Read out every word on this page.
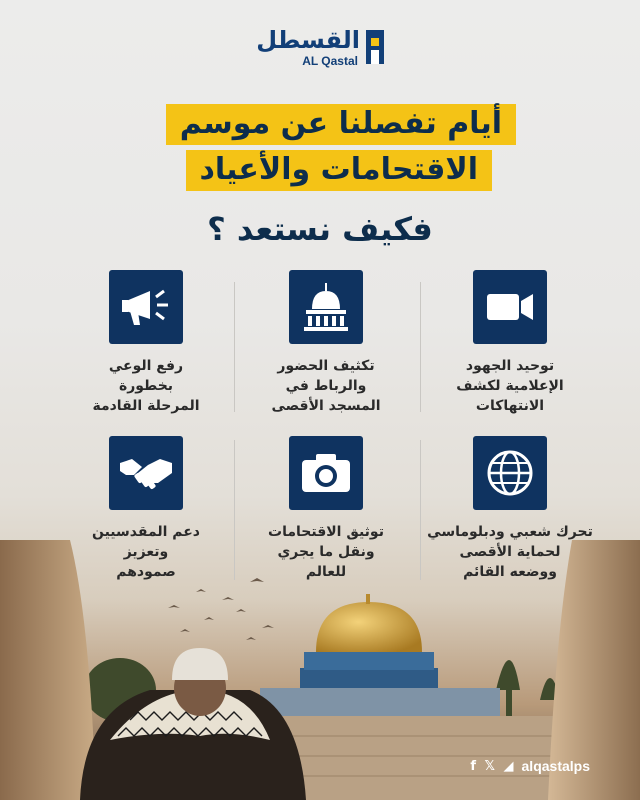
القسطل
AL Qastal
أيام تفصلنا عن موسم
الاقتحامات والأعياد
فكيف نستعد ؟
توحيد الجهود
الإعلامية لكشف
الانتهاكات
تكثيف الحضور
والرباط في
المسجد الأقصى
رفع الوعي
بخطورة
المرحلة القادمة
تحرك شعبي ودبلوماسي
لحماية الأقصى
ووضعه القائم
توثيق الاقتحامات
ونقل ما يجري
للعالم
دعم المقدسيين
وتعزيز
صمودهم
f 𝕏 ◢ alqastalps
